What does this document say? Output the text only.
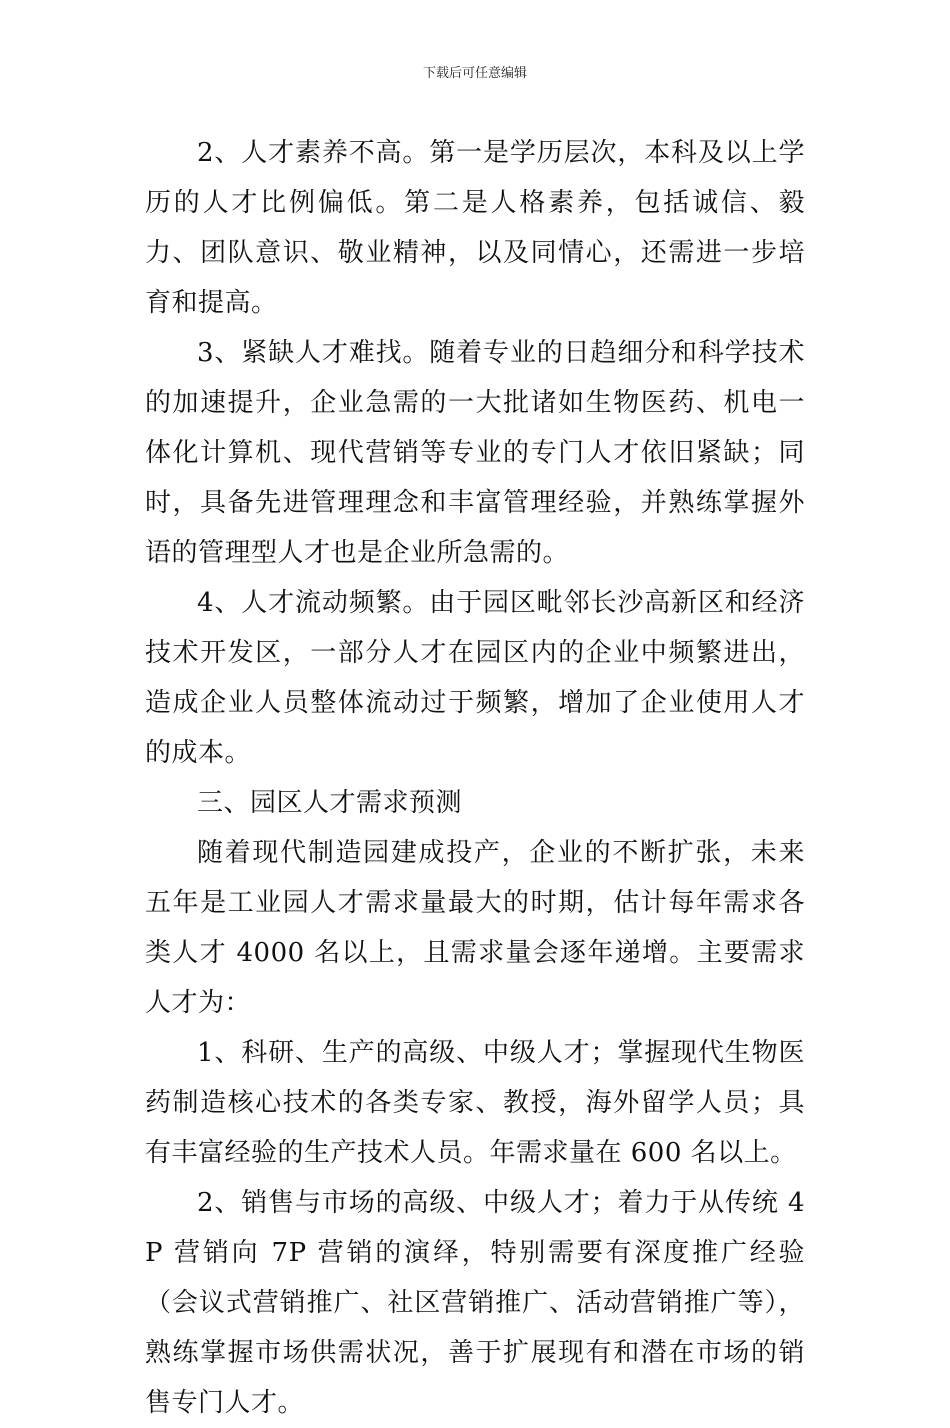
下载后可任意编辑

2、人才素养不高。第一是学历层次，本科及以上学历的人才比例偏低。第二是人格素养，包括诚信、毅力、团队意识、敬业精神，以及同情心，还需进一步培育和提高。

3、紧缺人才难找。随着专业的日趋细分和科学技术的加速提升，企业急需的一大批诸如生物医药、机电一体化计算机、现代营销等专业的专门人才依旧紧缺；同时，具备先进管理理念和丰富管理经验，并熟练掌握外语的管理型人才也是企业所急需的。

4、人才流动频繁。由于园区毗邻长沙高新区和经济技术开发区，一部分人才在园区内的企业中频繁进出，造成企业人员整体流动过于频繁，增加了企业使用人才的成本。

三、园区人才需求预测

随着现代制造园建成投产，企业的不断扩张，未来五年是工业园人才需求量最大的时期，估计每年需求各类人才 4000 名以上，且需求量会逐年递增。主要需求人才为：

1、科研、生产的高级、中级人才；掌握现代生物医药制造核心技术的各类专家、教授，海外留学人员；具有丰富经验的生产技术人员。年需求量在 600 名以上。

2、销售与市场的高级、中级人才；着力于从传统 4P 营销向 7P 营销的演绎，特别需要有深度推广经验（会议式营销推广、社区营销推广、活动营销推广等），熟练掌握市场供需状况，善于扩展现有和潜在市场的销售专门人才。
